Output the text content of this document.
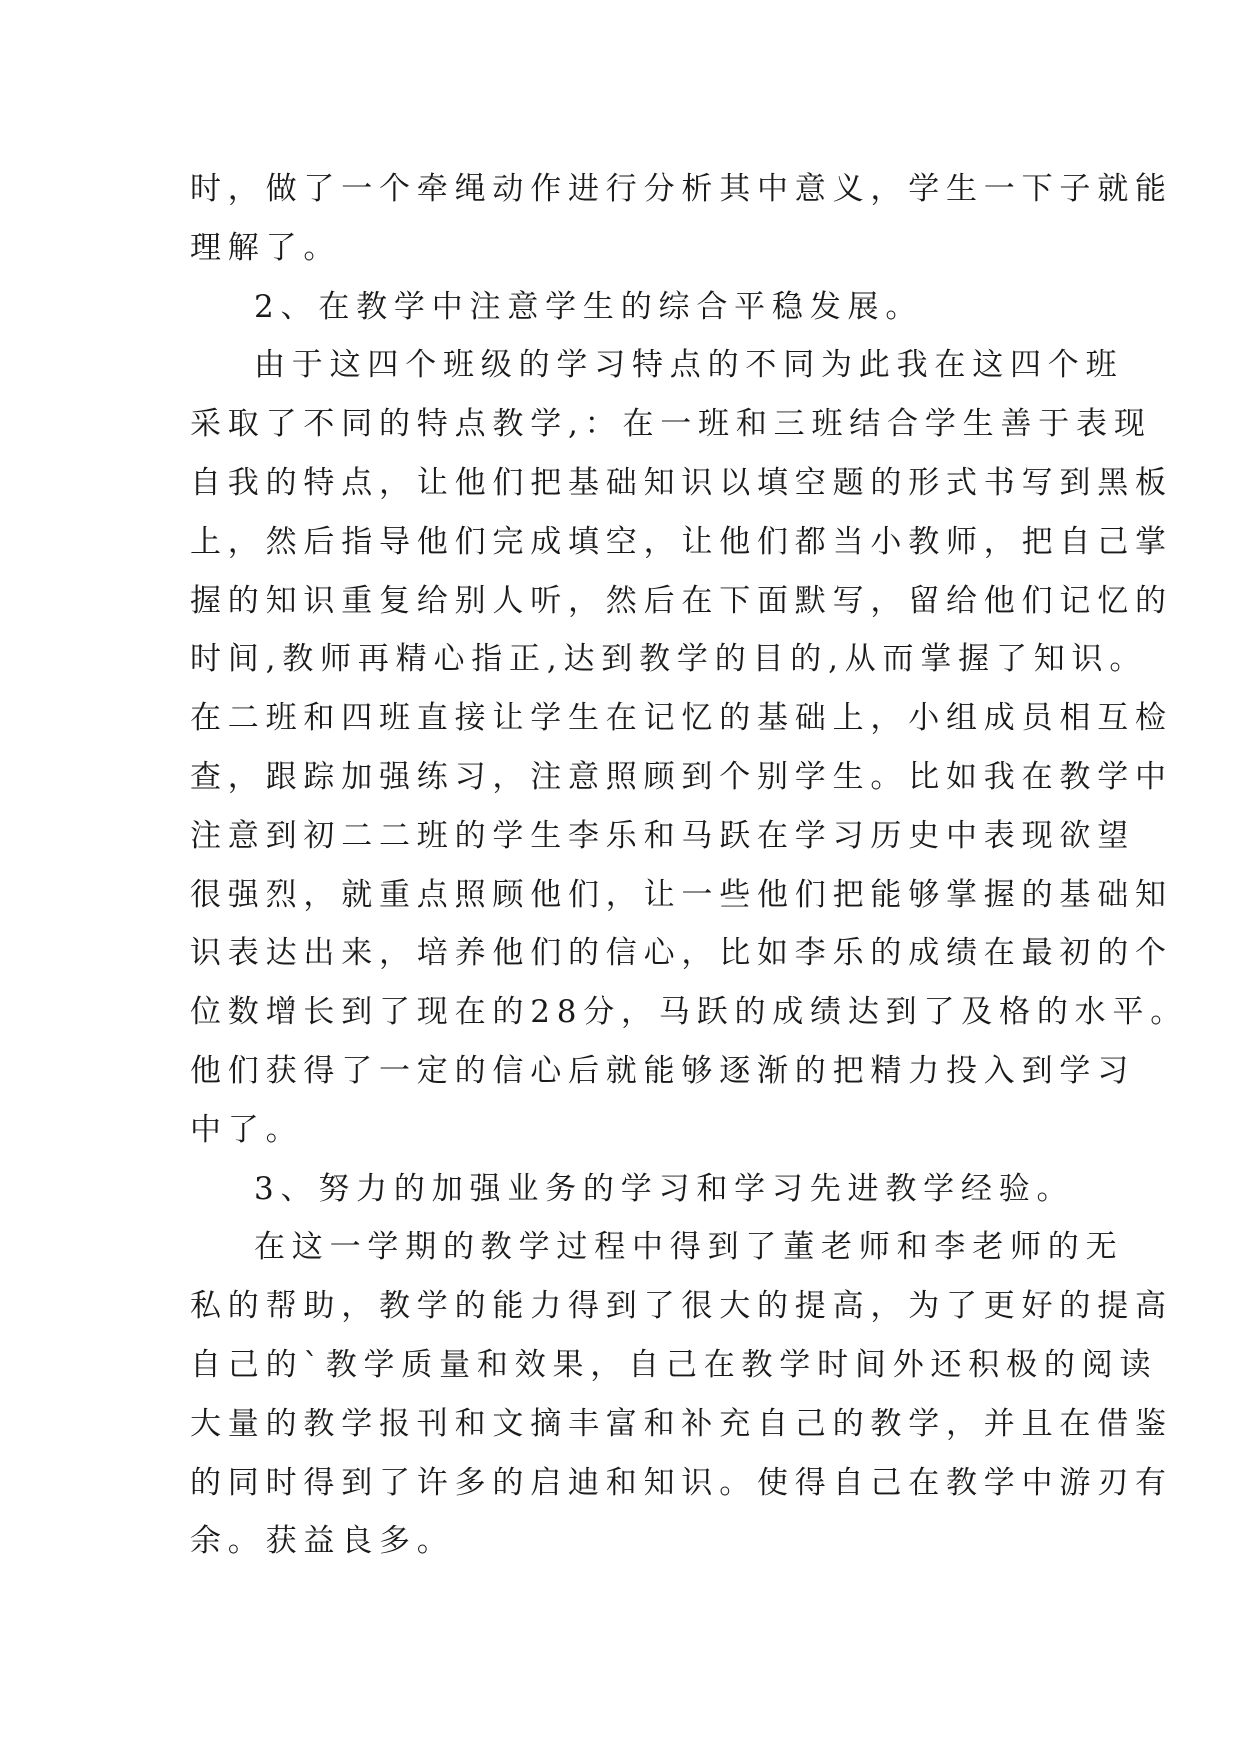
时，做了一个牵绳动作进行分析其中意义，学生一下子就能
理解了。
2、在教学中注意学生的综合平稳发展。
由于这四个班级的学习特点的不同为此我在这四个班
采取了不同的特点教学,：在一班和三班结合学生善于表现
自我的特点，让他们把基础知识以填空题的形式书写到黑板
上，然后指导他们完成填空，让他们都当小教师，把自己掌
握的知识重复给别人听，然后在下面默写，留给他们记忆的
时间,教师再精心指正,达到教学的目的,从而掌握了知识。
在二班和四班直接让学生在记忆的基础上，小组成员相互检
查，跟踪加强练习，注意照顾到个别学生。比如我在教学中
注意到初二二班的学生李乐和马跃在学习历史中表现欲望
很强烈，就重点照顾他们，让一些他们把能够掌握的基础知
识表达出来，培养他们的信心，比如李乐的成绩在最初的个
位数增长到了现在的28分，马跃的成绩达到了及格的水平。
他们获得了一定的信心后就能够逐渐的把精力投入到学习
中了。
3、努力的加强业务的学习和学习先进教学经验。
在这一学期的教学过程中得到了董老师和李老师的无
私的帮助，教学的能力得到了很大的提高，为了更好的提高
自己的`教学质量和效果，自己在教学时间外还积极的阅读
大量的教学报刊和文摘丰富和补充自己的教学，并且在借鉴
的同时得到了许多的启迪和知识。使得自己在教学中游刃有
余。获益良多。
